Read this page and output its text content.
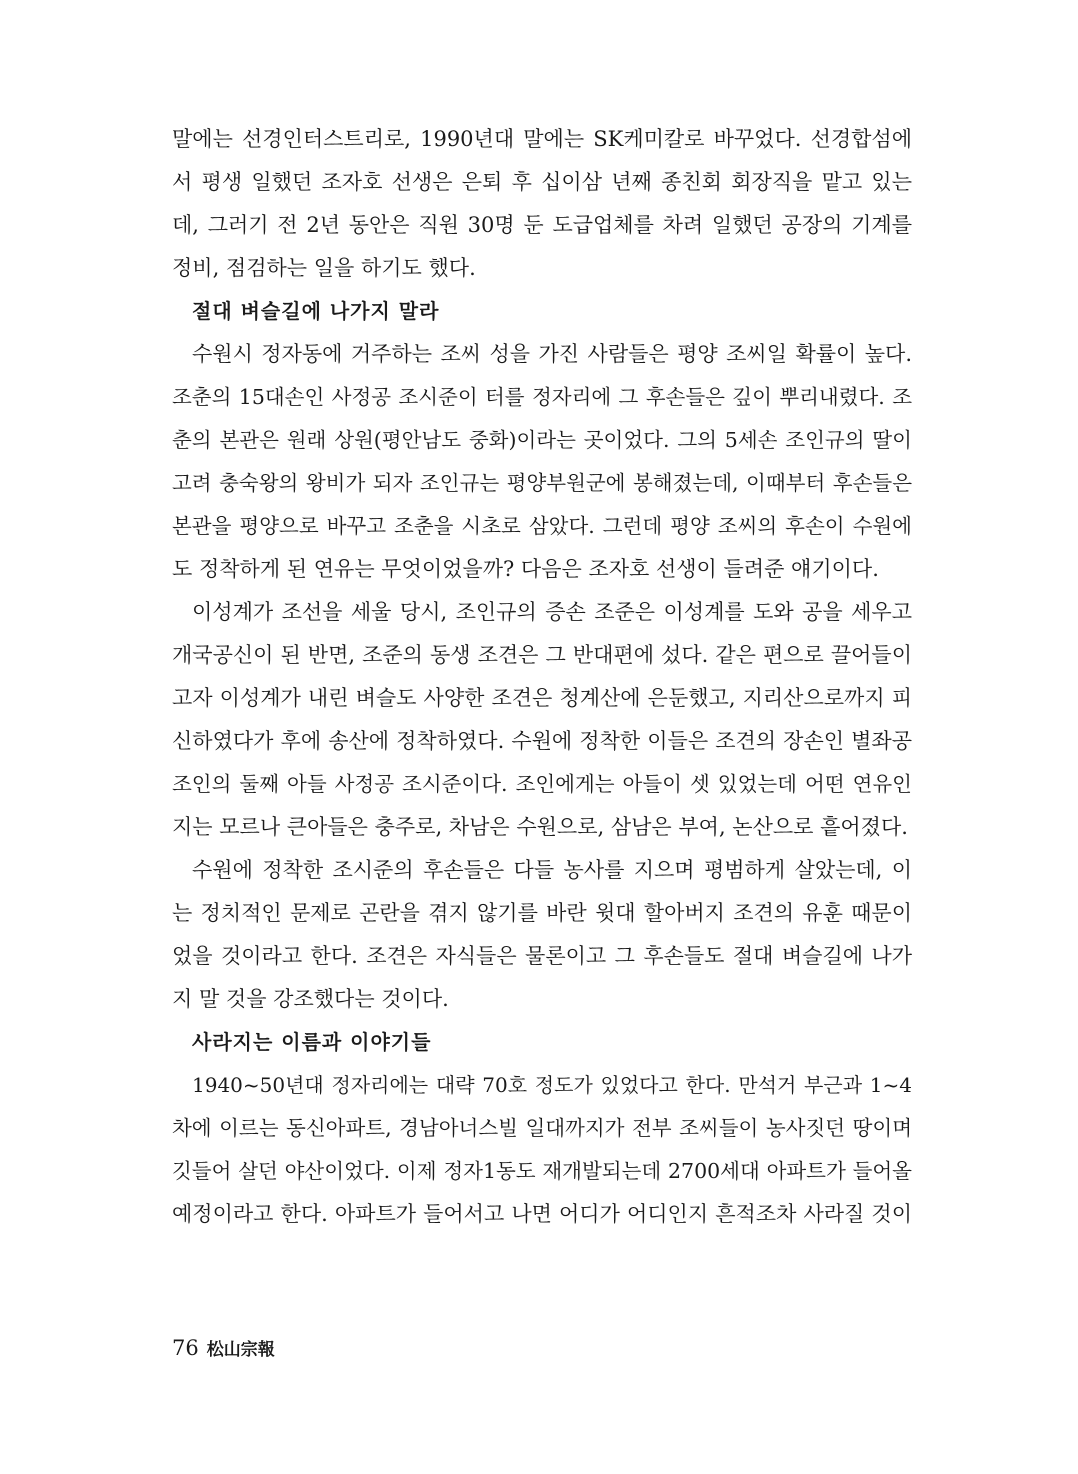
말에는 선경인터스트리로, 1990년대 말에는 SK케미칼로 바꾸었다. 선경합섬에
서 평생 일했던 조자호 선생은 은퇴 후 십이삼 년째 종친회 회장직을 맡고 있는
데, 그러기 전 2년 동안은 직원 30명 둔 도급업체를 차려 일했던 공장의 기계를
정비, 점검하는 일을 하기도 했다.
절대 벼슬길에 나가지 말라
수원시 정자동에 거주하는 조씨 성을 가진 사람들은 평양 조씨일 확률이 높다.
조춘의 15대손인 사정공 조시준이 터를 정자리에 그 후손들은 깊이 뿌리내렸다. 조
춘의 본관은 원래 상원(평안남도 중화)이라는 곳이었다. 그의 5세손 조인규의 딸이
고려 충숙왕의 왕비가 되자 조인규는 평양부원군에 봉해졌는데, 이때부터 후손들은
본관을 평양으로 바꾸고 조춘을 시초로 삼았다. 그런데 평양 조씨의 후손이 수원에
도 정착하게 된 연유는 무엇이었을까? 다음은 조자호 선생이 들려준 얘기이다.
이성계가 조선을 세울 당시, 조인규의 증손 조준은 이성계를 도와 공을 세우고
개국공신이 된 반면, 조준의 동생 조견은 그 반대편에 섰다. 같은 편으로 끌어들이
고자 이성계가 내린 벼슬도 사양한 조견은 청계산에 은둔했고, 지리산으로까지 피
신하였다가 후에 송산에 정착하였다. 수원에 정착한 이들은 조견의 장손인 별좌공
조인의 둘째 아들 사정공 조시준이다. 조인에게는 아들이 셋 있었는데 어떤 연유인
지는 모르나 큰아들은 충주로, 차남은 수원으로, 삼남은 부여, 논산으로 흩어졌다.
수원에 정착한 조시준의 후손들은 다들 농사를 지으며 평범하게 살았는데, 이
는 정치적인 문제로 곤란을 겪지 않기를 바란 윗대 할아버지 조견의 유훈 때문이
었을 것이라고 한다. 조견은 자식들은 물론이고 그 후손들도 절대 벼슬길에 나가
지 말 것을 강조했다는 것이다.
사라지는 이름과 이야기들
1940~50년대 정자리에는 대략 70호 정도가 있었다고 한다. 만석거 부근과 1~4
차에 이르는 동신아파트, 경남아너스빌 일대까지가 전부 조씨들이 농사짓던 땅이며
깃들어 살던 야산이었다. 이제 정자1동도 재개발되는데 2700세대 아파트가 들어올
예정이라고 한다. 아파트가 들어서고 나면 어디가 어디인지 흔적조차 사라질 것이
76 松山宗報
